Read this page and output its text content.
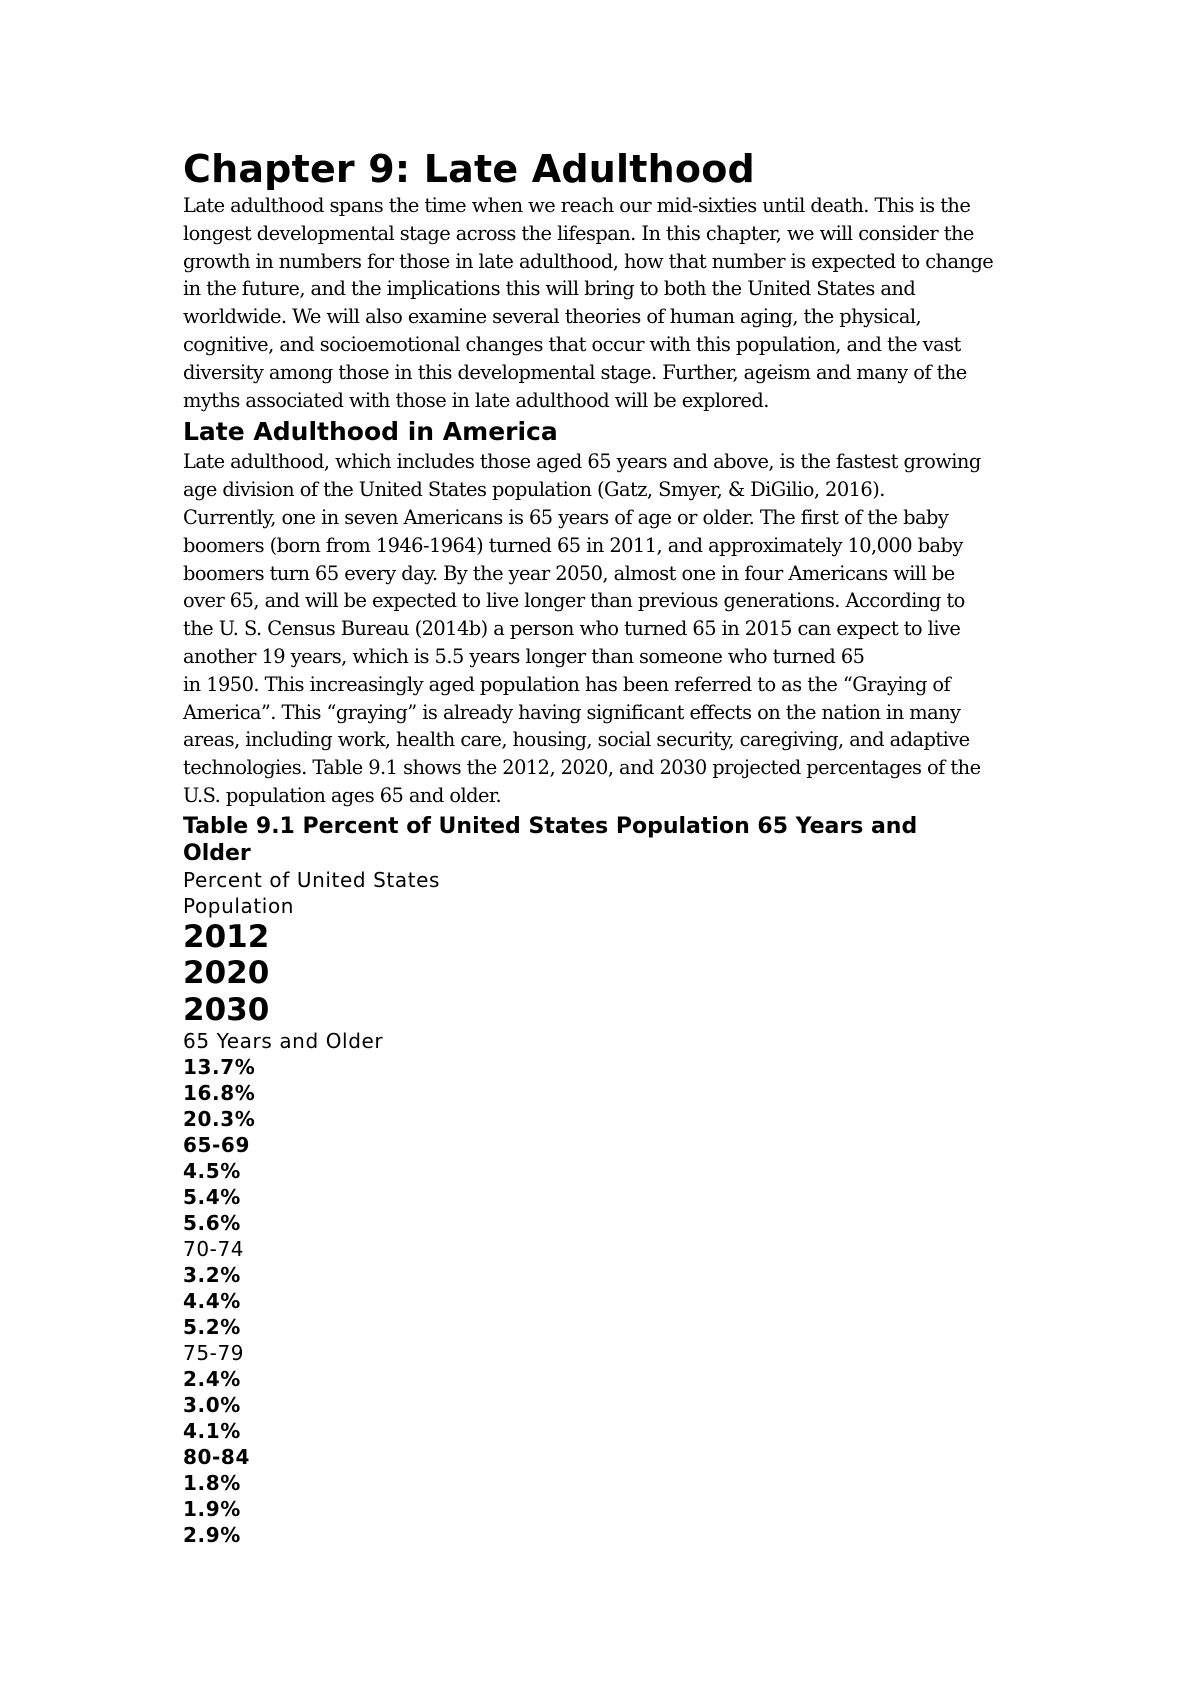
Chapter 9: Late Adulthood
Late adulthood spans the time when we reach our mid-sixties until death. This is the
longest developmental stage across the lifespan. In this chapter, we will consider the
growth in numbers for those in late adulthood, how that number is expected to change
in the future, and the implications this will bring to both the United States and
worldwide. We will also examine several theories of human aging, the physical,
cognitive, and socioemotional changes that occur with this population, and the vast
diversity among those in this developmental stage. Further, ageism and many of the
myths associated with those in late adulthood will be explored.
Late Adulthood in America
Late adulthood, which includes those aged 65 years and above, is the fastest growing
age division of the United States population (Gatz, Smyer, & DiGilio, 2016).
Currently, one in seven Americans is 65 years of age or older. The first of the baby
boomers (born from 1946-1964) turned 65 in 2011, and approximately 10,000 baby
boomers turn 65 every day. By the year 2050, almost one in four Americans will be
over 65, and will be expected to live longer than previous generations. According to
the U. S. Census Bureau (2014b) a person who turned 65 in 2015 can expect to live
another 19 years, which is 5.5 years longer than someone who turned 65
in 1950. This increasingly aged population has been referred to as the “Graying of
America”. This “graying” is already having significant effects on the nation in many
areas, including work, health care, housing, social security, caregiving, and adaptive
technologies. Table 9.1 shows the 2012, 2020, and 2030 projected percentages of the
U.S. population ages 65 and older.
Table 9.1 Percent of United States Population 65 Years and
Older
Percent of United States
Population
2012
2020
2030
65 Years and Older
13.7%
16.8%
20.3%
65-69
4.5%
5.4%
5.6%
70-74
3.2%
4.4%
5.2%
75-79
2.4%
3.0%
4.1%
80-84
1.8%
1.9%
2.9%
